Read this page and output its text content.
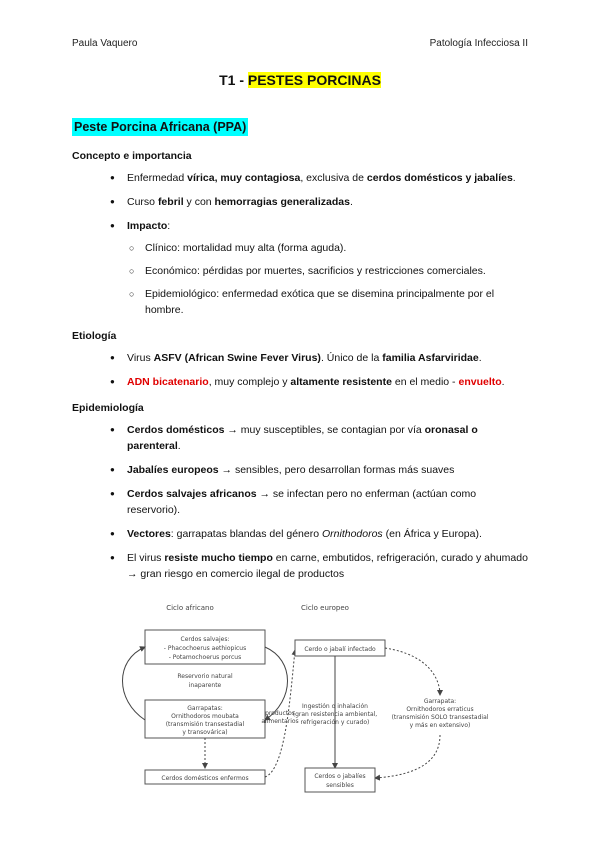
Paula Vaquero	Patología Infecciosa II
T1 - PESTES PORCINAS
Peste Porcina Africana (PPA)
Concepto e importancia
● Enfermedad vírica, muy contagiosa, exclusiva de cerdos domésticos y jabalíes.
● Curso febril y con hemorragias generalizadas.
● Impacto:
○ Clínico: mortalidad muy alta (forma aguda).
○ Económico: pérdidas por muertes, sacrificios y restricciones comerciales.
○ Epidemiológico: enfermedad exótica que se disemina principalmente por el hombre.
Etiología
● Virus ASFV (African Swine Fever Virus). Único de la familia Asfarviridae.
● ADN bicatenario, muy complejo y altamente resistente en el medio - envuelto.
Epidemiología
● Cerdos domésticos → muy susceptibles, se contagian por vía oronasal o parenteral.
● Jabalíes europeos → sensibles, pero desarrollan formas más suaves
● Cerdos salvajes africanos → se infectan pero no enferman (actúan como reservorio).
● Vectores: garrapatas blandas del género Ornithodoros (en África y Europa).
● El virus resiste mucho tiempo en carne, embutidos, refrigeración, curado y ahumado → gran riesgo en comercio ilegal de productos
Ciclo africano	Ciclo europeo
Cerdos salvajes:
- Phacochoerus aethiopicus
- Potamochoerus porcus
Reservorio natural
inaparente
Garrapatas:
Ornithodoros moubata
(transmisión transestadial
y transovárica)
Cerdos domésticos enfermos
productos
alimentarios
Cerdo o jabalí infectado
Ingestión o inhalación
(gran resistencia ambiental,
refrigeración y curado)
Garrapata:
Ornithodoros erraticus
(transmisión SOLO transestadial
y más en extensivo)
Cerdos o jabalíes
sensibles
